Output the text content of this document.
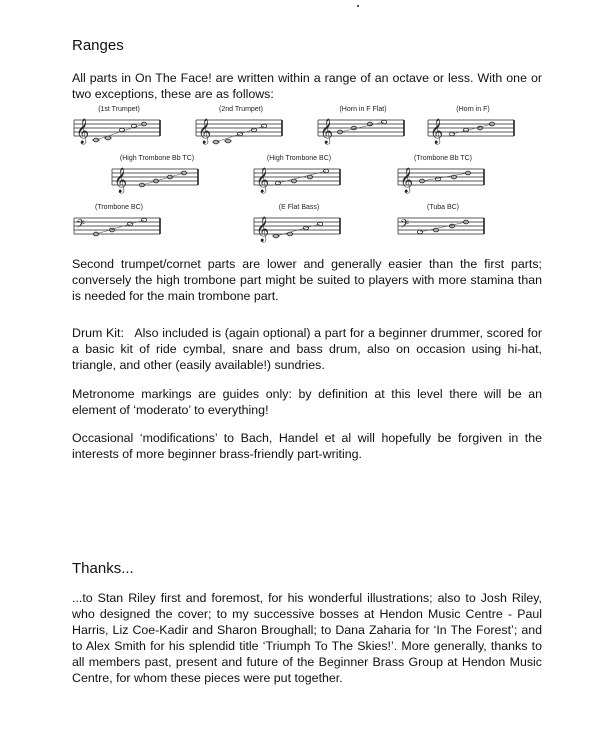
Ranges

All parts in On The Face! are written within a range of an octave or less. With one or two exceptions, these are as follows:

(1st Trumpet)
𝄞
(2nd Trumpet)
𝄞
(Horn in F Flat)
𝄞
(Horn in F)
𝄞
(High Trombone Bb TC)
𝄞
(High Trombone BC)
𝄞
(Trombone Bb TC)
𝄞
(Trombone BC)
𝄢
(E Flat Bass)
𝄞
(Tuba BC)
𝄢

Second trumpet/cornet parts are lower and generally easier than the first parts; conversely the high trombone part might be suited to players with more stamina than is needed for the main trombone part.

Drum Kit: Also included is (again optional) a part for a beginner drummer, scored for a basic kit of ride cymbal, snare and bass drum, also on occasion using hi-hat, triangle, and other (easily available!) sundries.

Metronome markings are guides only: by definition at this level there will be an element of ‘moderato’ to everything!

Occasional ‘modifications’ to Bach, Handel et al will hopefully be forgiven in the interests of more beginner brass-friendly part-writing.

Thanks...

...to Stan Riley first and foremost, for his wonderful illustrations; also to Josh Riley, who designed the cover; to my successive bosses at Hendon Music Centre - Paul Harris, Liz Coe-Kadir and Sharon Broughall; to Dana Zaharia for ‘In The Forest’; and to Alex Smith for his splendid title ‘Triumph To The Skies!’. More generally, thanks to all members past, present and future of the Beginner Brass Group at Hendon Music Centre, for whom these pieces were put together.
